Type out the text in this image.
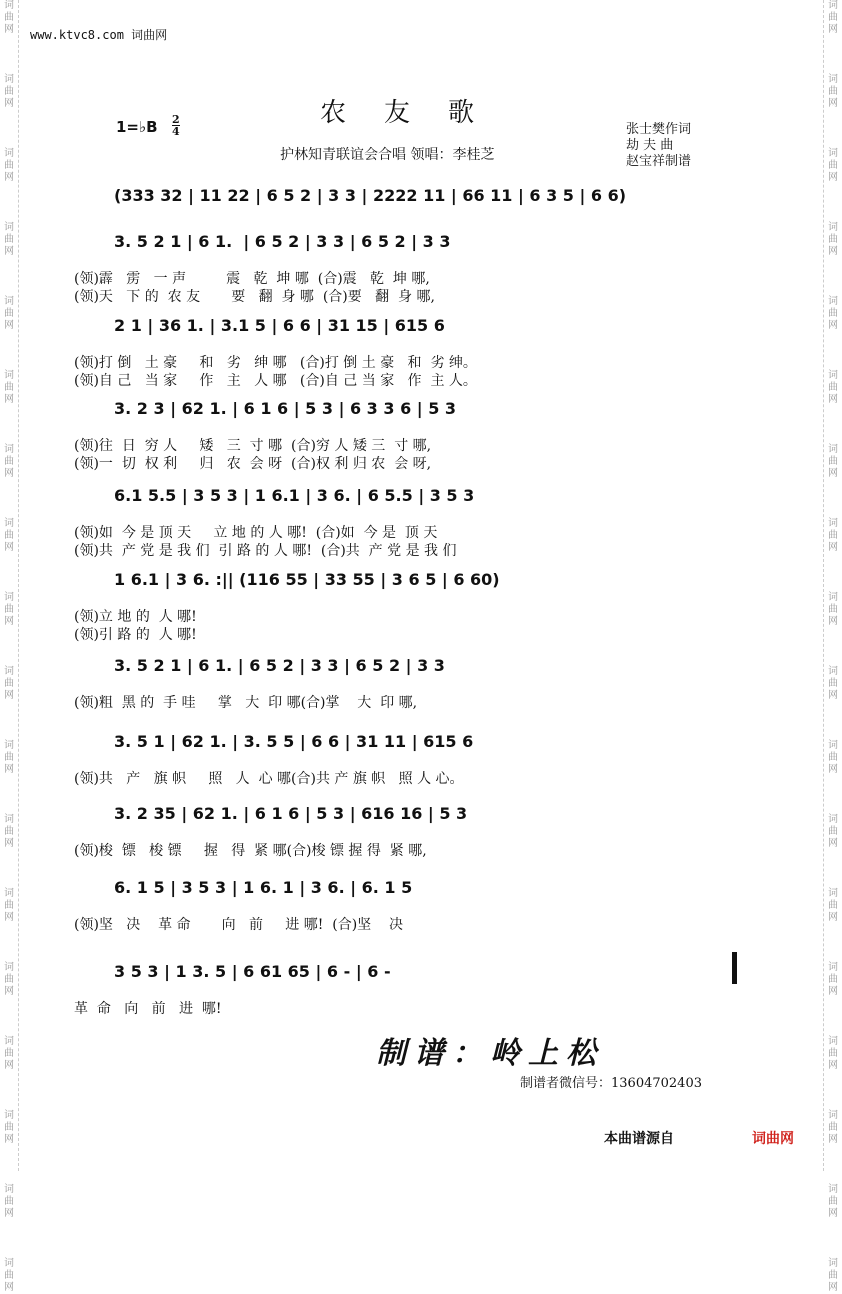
词曲网
词曲网
词曲网
词曲网
词曲网
词曲网
词曲网
词曲网
词曲网
词曲网
词曲网
词曲网
词曲网
词曲网
词曲网
词曲网
词曲网
词曲网
词曲网
词曲网
词曲网
词曲网
词曲网
词曲网
词曲网
词曲网
词曲网
词曲网
词曲网
词曲网
词曲网
词曲网
词曲网
词曲网
词曲网
词曲网
www.ktvc8.com 词曲网
农友歌
1=♭B 2
4
护林知青联谊会合唱 领唱：李桂芝
张士樊作词
劫 夫 曲
赵宝祥制谱
(333 32 | 11 22 | 6 5 2 | 3 3 | 2222 11 | 66 11 | 6 3 5 | 6 6)
3. 5 2 1 | 6 1.  | 6 5 2 | 3 3 | 6 5 2 | 3 3
(领)霹   雳   一 声         震   乾  坤 哪  (合)震   乾  坤 哪,
(领)天   下 的  农 友       要   翻  身 哪  (合)要   翻  身 哪,
2 1 | 36 1. | 3.1 5 | 6 6 | 31 15 | 615 6
(领)打 倒   土 豪     和   劣   绅 哪   (合)打 倒 土 豪   和  劣 绅。
(领)自 己   当 家     作   主   人 哪   (合)自 己 当 家   作  主 人。
3. 2 3 | 62 1. | 6 1 6 | 5 3 | 6 3 3 6 | 5 3
(领)往  日  穷 人     矮   三  寸 哪  (合)穷 人 矮 三  寸 哪,
(领)一  切  权 利     归   农  会 呀  (合)权 利 归 农  会 呀,
6.1 5.5 | 3 5 3 | 1 6.1 | 3 6. | 6 5.5 | 3 5 3
(领)如  今 是 顶 天     立 地 的 人 哪!  (合)如  今 是  顶 天
(领)共  产 党 是 我 们  引 路 的 人 哪!  (合)共  产 党 是 我 们
1 6.1 | 3 6. :|| (116 55 | 33 55 | 3 6 5 | 6 60)
(领)立 地 的  人 哪!
(领)引 路 的  人 哪!
3. 5 2 1 | 6 1. | 6 5 2 | 3 3 | 6 5 2 | 3 3
(领)粗  黑 的  手 哇     掌   大  印 哪(合)掌    大  印 哪,
3. 5 1 | 62 1. | 3. 5 5 | 6 6 | 31 11 | 615 6
(领)共   产   旗 帜     照   人  心 哪(合)共 产 旗 帜   照 人 心。
3. 2 35 | 62 1. | 6 1 6 | 5 3 | 616 16 | 5 3
(领)梭  镖   梭 镖     握   得  紧 哪(合)梭 镖 握 得  紧 哪,
6. 1 5 | 3 5 3 | 1 6. 1 | 3 6. | 6. 1 5
(领)坚   决    革 命       向   前     进 哪!  (合)坚    决
3 5 3 | 1 3. 5 | 6 61 65 | 6 - | 6 -
革  命   向   前   进  哪!
制谱：岭上松
制谱者微信号：13604702403
本曲谱源自	词曲网
